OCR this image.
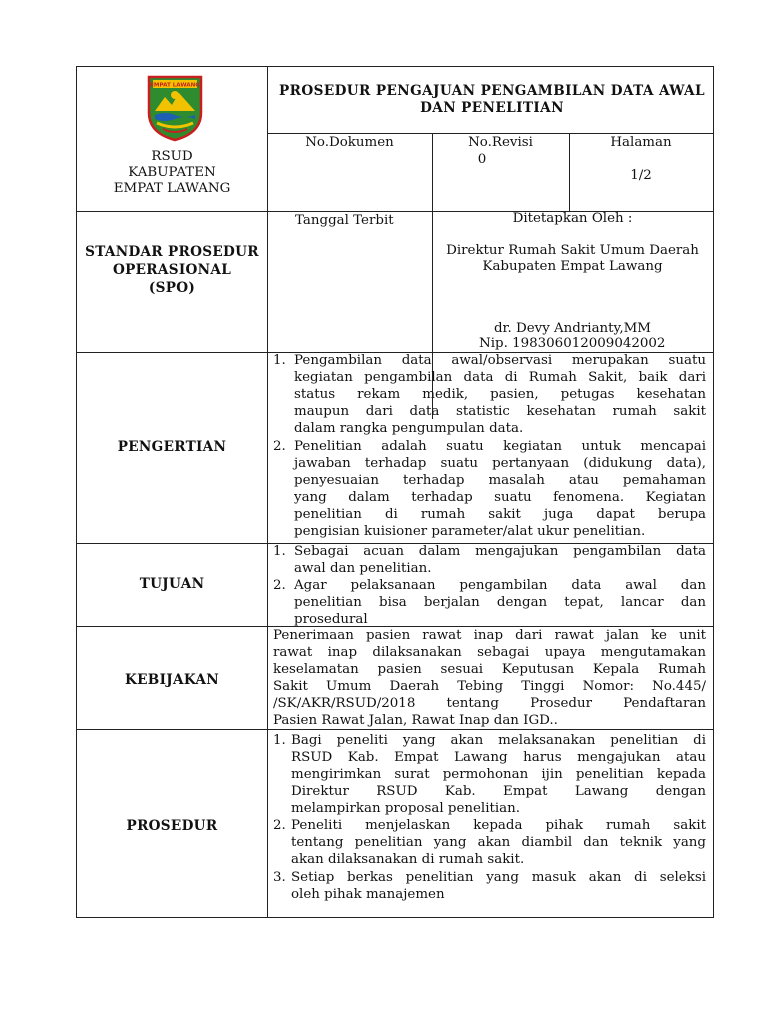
EMPAT LAWANG
RSUD
KABUPATEN
EMPAT LAWANG
PROSEDUR PENGAJUAN PENGAMBILAN DATA AWAL
DAN PENELITIAN
No.Dokumen	No.Revisi
0
Halaman
1/2
STANDAR PROSEDUR
OPERASIONAL
(SPO)
Tanggal Terbit	Ditetapkan Oleh :
Direktur Rumah Sakit Umum Daerah
Kabupaten Empat Lawang
dr. Devy Andrianty,MM
Nip. 198306012009042002
PENGERTIAN
1. Pengambilan data awal/observasi merupakan suatu
kegiatan pengambilan data di Rumah Sakit, baik dari
status rekam medik, pasien, petugas kesehatan
maupun dari data statistic kesehatan rumah sakit
dalam rangka pengumpulan data.
2. Penelitian adalah suatu kegiatan untuk mencapai
jawaban terhadap suatu pertanyaan (didukung data),
penyesuaian terhadap masalah atau pemahaman
yang dalam terhadap suatu fenomena. Kegiatan
penelitian di rumah sakit juga dapat berupa
pengisian kuisioner parameter/alat ukur penelitian.
TUJUAN
1. Sebagai acuan dalam mengajukan pengambilan data
awal dan penelitian.
2. Agar pelaksanaan pengambilan data awal dan
penelitian bisa berjalan dengan tepat, lancar dan
prosedural
KEBIJAKAN
Penerimaan pasien rawat inap dari rawat jalan ke unit
rawat inap dilaksanakan sebagai upaya mengutamakan
keselamatan pasien sesuai Keputusan Kepala Rumah
Sakit Umum Daerah Tebing Tinggi Nomor: No.445/
/SK/AKR/RSUD/2018 tentang Prosedur Pendaftaran
Pasien Rawat Jalan, Rawat Inap dan IGD..
PROSEDUR
1. Bagi peneliti yang akan melaksanakan penelitian di
RSUD Kab. Empat Lawang harus mengajukan atau
mengirimkan surat permohonan ijin penelitian kepada
Direktur RSUD Kab. Empat Lawang dengan
melampirkan proposal penelitian.
2. Peneliti menjelaskan kepada pihak rumah sakit
tentang penelitian yang akan diambil dan teknik yang
akan dilaksanakan di rumah sakit.
3. Setiap berkas penelitian yang masuk akan di seleksi
oleh pihak manajemen
